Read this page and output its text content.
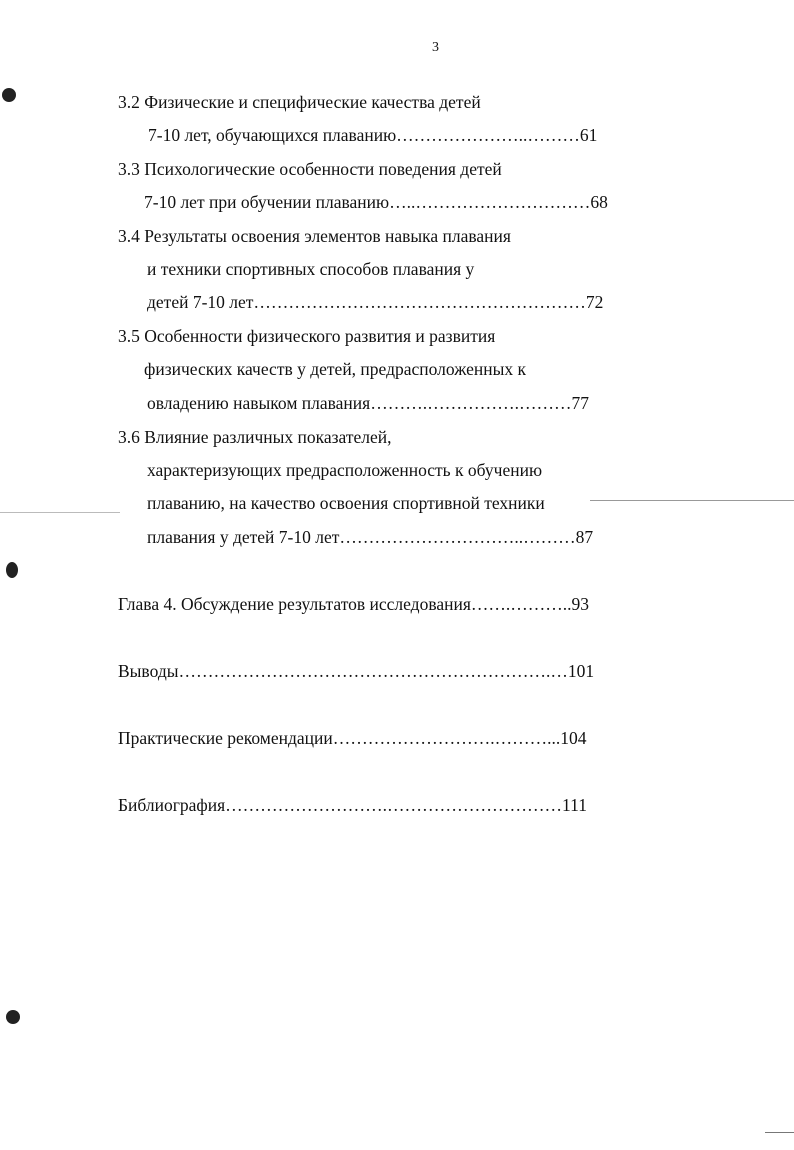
3
3.2 Физические и специфические качества детей
7-10 лет, обучающихся плаванию…………………..………61
3.3 Психологические особенности поведения детей
7-10 лет при обучении плаванию…..…………………………68
3.4 Результаты освоения элементов навыка плавания
и техники спортивных способов плавания у
детей 7-10 лет…………………………………………………72
3.5 Особенности физического развития и развития
физических качеств у детей, предрасположенных к
овладению навыком плавания……….…………….………77
3.6 Влияние различных показателей,
характеризующих предрасположенность к обучению
плаванию, на качество освоения спортивной техники
плавания у детей 7-10 лет…………………………..………87
Глава 4. Обсуждение результатов исследования…….………..93
Выводы……………………………………………………….…101
Практические рекомендации……………………….………...104
Библиография……………………….…………………………111
